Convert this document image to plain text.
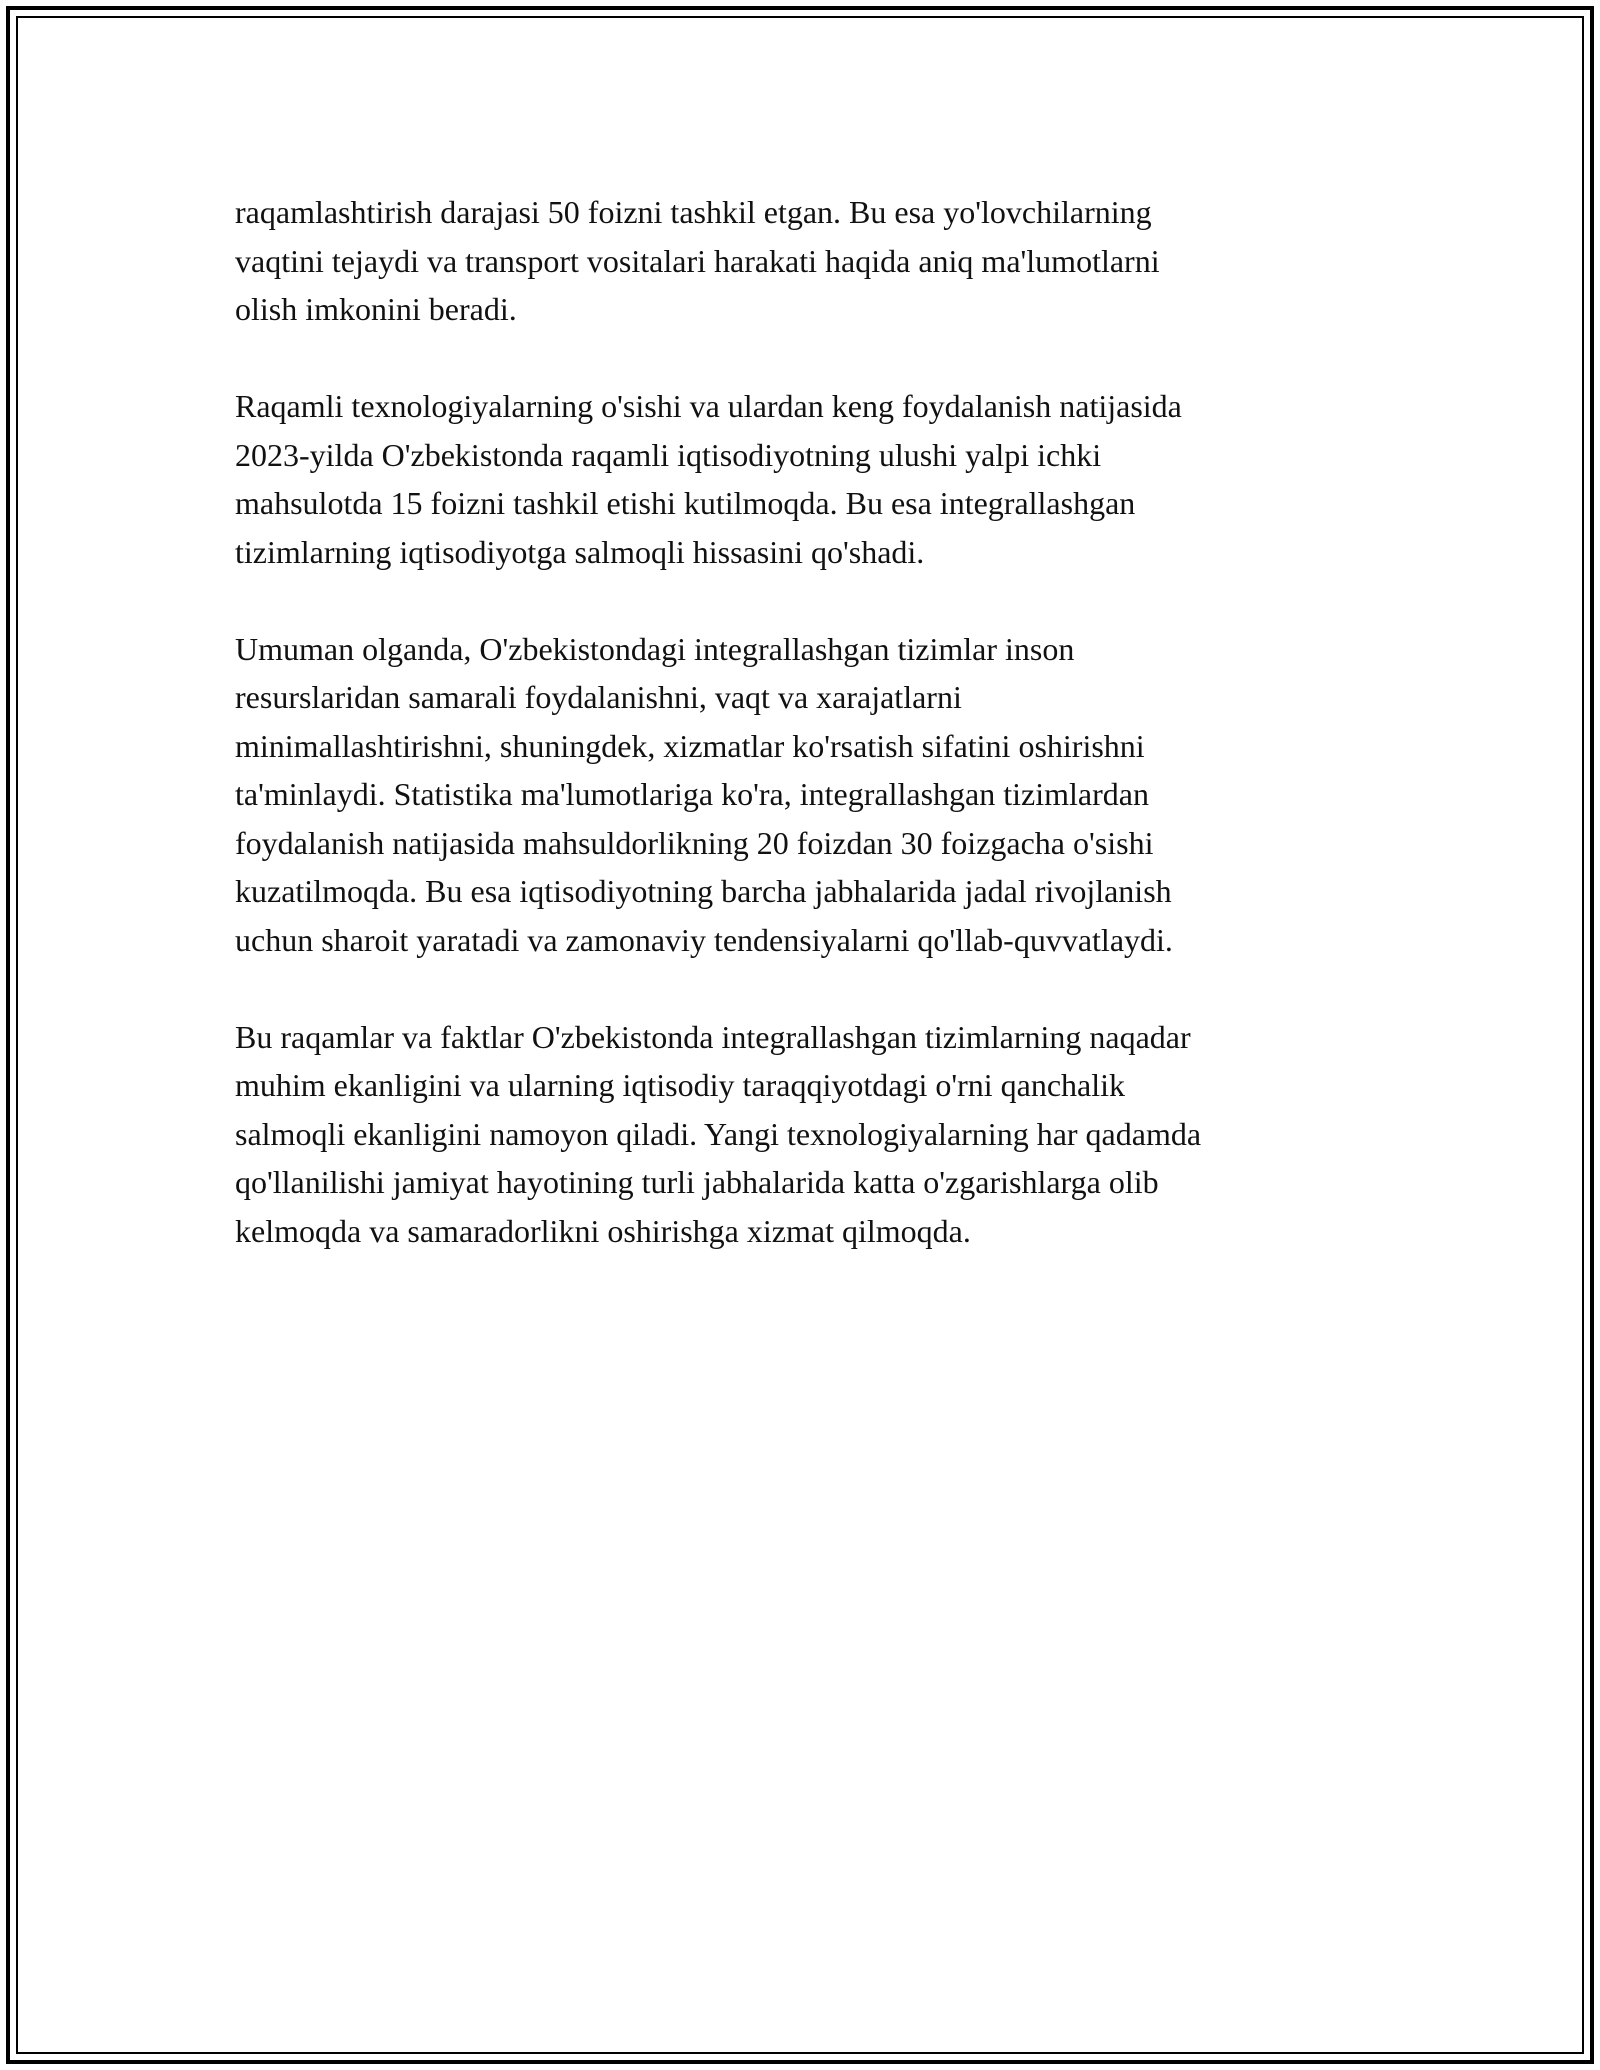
raqamlashtirish darajasi 50 foizni tashkil etgan. Bu esa yo'lovchilarning
vaqtini tejaydi va transport vositalari harakati haqida aniq ma'lumotlarni
olish imkonini beradi.
Raqamli texnologiyalarning o'sishi va ulardan keng foydalanish natijasida
2023-yilda O'zbekistonda raqamli iqtisodiyotning ulushi yalpi ichki
mahsulotda 15 foizni tashkil etishi kutilmoqda. Bu esa integrallashgan
tizimlarning iqtisodiyotga salmoqli hissasini qo'shadi.
Umuman olganda, O'zbekistondagi integrallashgan tizimlar inson
resurslaridan samarali foydalanishni, vaqt va xarajatlarni
minimallashtirishni, shuningdek, xizmatlar ko'rsatish sifatini oshirishni
ta'minlaydi. Statistika ma'lumotlariga ko'ra, integrallashgan tizimlardan
foydalanish natijasida mahsuldorlikning 20 foizdan 30 foizgacha o'sishi
kuzatilmoqda. Bu esa iqtisodiyotning barcha jabhalarida jadal rivojlanish
uchun sharoit yaratadi va zamonaviy tendensiyalarni qo'llab-quvvatlaydi.
Bu raqamlar va faktlar O'zbekistonda integrallashgan tizimlarning naqadar
muhim ekanligini va ularning iqtisodiy taraqqiyotdagi o'rni qanchalik
salmoqli ekanligini namoyon qiladi. Yangi texnologiyalarning har qadamda
qo'llanilishi jamiyat hayotining turli jabhalarida katta o'zgarishlarga olib
kelmoqda va samaradorlikni oshirishga xizmat qilmoqda.
